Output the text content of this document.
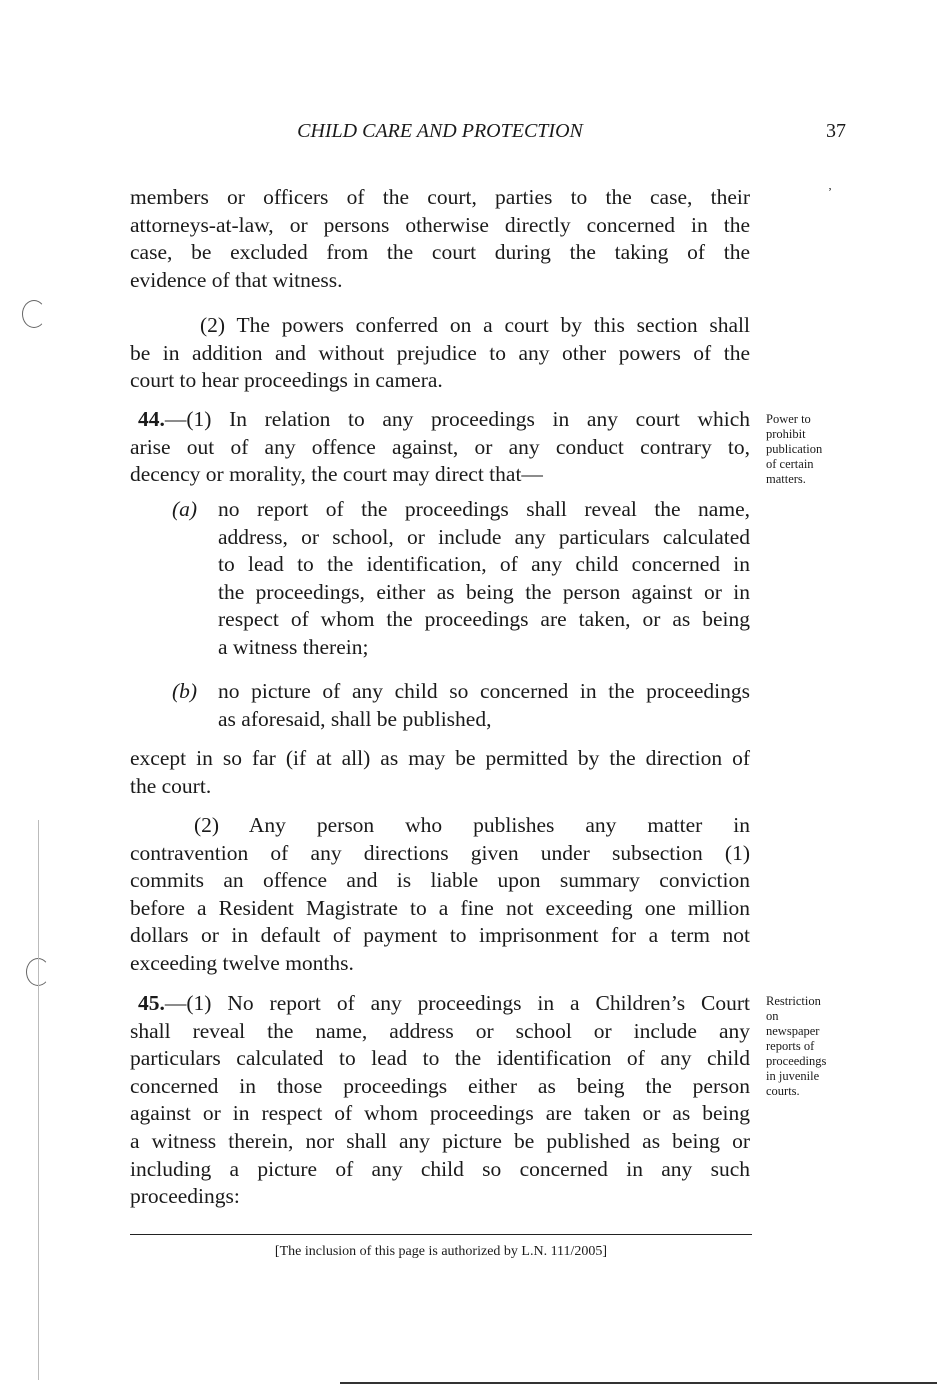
CHILD CARE AND PROTECTION	37
‚
members or officers of the court, parties to the case, their
attorneys-at-law, or persons otherwise directly concerned in the
case, be excluded from the court during the taking of the
evidence of that witness.
(2) The powers conferred on a court by this section shall
be in addition and without prejudice to any other powers of the
court to hear proceedings in camera.
44.—(1) In relation to any proceedings in any court which
arise out of any offence against, or any conduct contrary to,
decency or morality, the court may direct that—
Power to
prohibit
publication
of certain
matters.
(a) no report of the proceedings shall reveal the name,
address, or school, or include any particulars calculated
to lead to the identification, of any child concerned in
the proceedings, either as being the person against or in
respect of whom the proceedings are taken, or as being
a witness therein;
(b) no picture of any child so concerned in the proceedings
as aforesaid, shall be published,
except in so far (if at all) as may be permitted by the direction of
the court.
(2) Any person who publishes any matter in
contravention of any directions given under subsection (1)
commits an offence and is liable upon summary conviction
before a Resident Magistrate to a fine not exceeding one million
dollars or in default of payment to imprisonment for a term not
exceeding twelve months.
45.—(1) No report of any proceedings in a Children’s Court
shall reveal the name, address or school or include any
particulars calculated to lead to the identification of any child
concerned in those proceedings either as being the person
against or in respect of whom proceedings are taken or as being
a witness therein, nor shall any picture be published as being or
including a picture of any child so concerned in any such
proceedings:
Restriction
on
newspaper
reports of
proceedings
in juvenile
courts.
[The inclusion of this page is authorized by L.N. 111/2005]
